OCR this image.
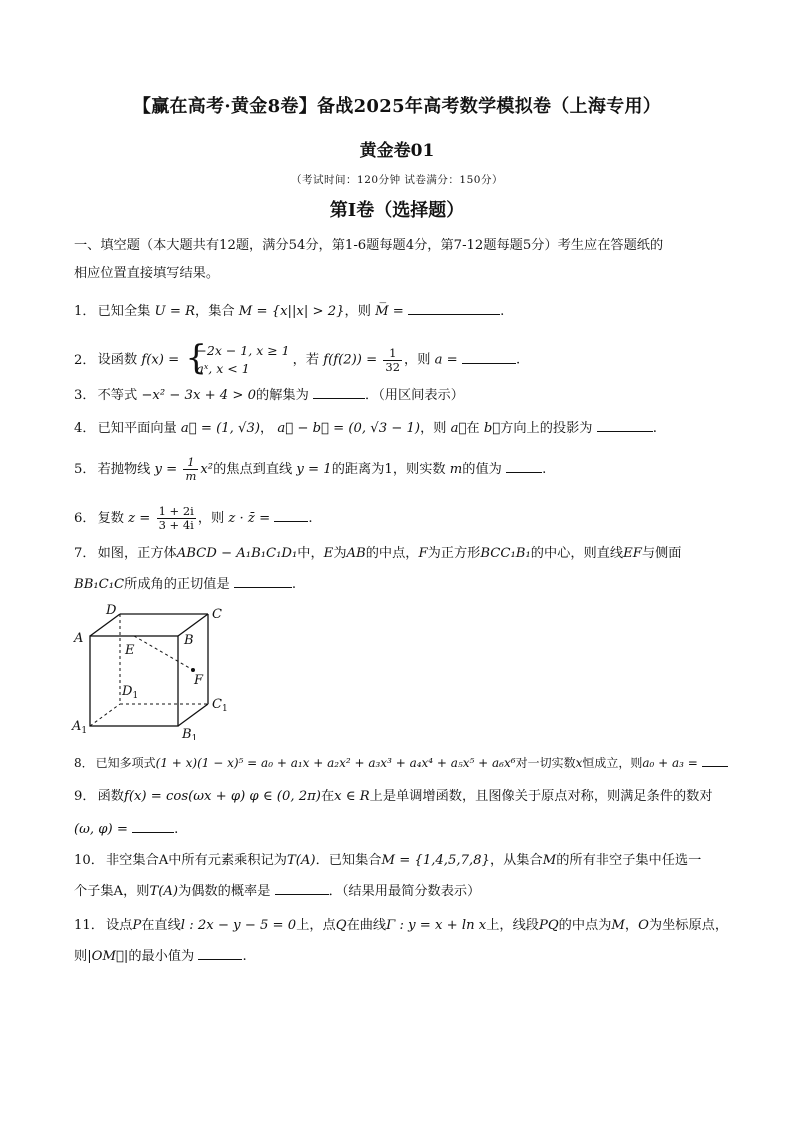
【赢在高考·黄金8卷】备战2025年高考数学模拟卷（上海专用）
黄金卷01
（考试时间：120分钟 试卷满分：150分）
第I卷（选择题）
一、填空题（本大题共有12题，满分54分，第1-6题每题4分，第7-12题每题5分）考生应在答题纸的
相应位置直接填写结果。
1． 已知全集 U = R，集合 M = {x||x| > 2}，则 M̅ =	.
2． 设函数 f(x) =
{ −2x − 1, x ≥ 1
aˣ, x < 1
，若 $f(f(2)) = \frac{1}{32}$ ，则 a =	.
3． 不等式 −x² − 3x + 4 > 0的解集为	．（用区间表示）
4． 已知平面向量 a⃗ = (1, √3)， a⃗ − b⃗ = (0, √3 − 1)，则 a⃗在 b⃗方向上的投影为	.
5． 若抛物线 $y = \frac{1}{m} x^2$的焦点到直线 y = 1的距离为1，则实数 m的值为	.
6． 复数 $z = \frac{1 + 2i}{3 + 4i}$ ，则 z · z̄ =	.
7． 如图，正方体ABCD − A₁B₁C₁D₁中，E为AB的中点，F为正方形BCC₁B₁的中心，则直线EF与侧面
BB₁C₁C所成角的正切值是	.
D	C
A	B
E
F
$D_1$
$C_1$
$A_1$	$B_1$
8． 已知多项式(1 + x)(1 − x)⁵ = a₀ + a₁x + a₂x² + a₃x³ + a₄x⁴ + a₅x⁵ + a₆x⁶对一切实数x恒成立，则a₀ + a₃ =
9． 函数f(x) = cos(ωx + φ) φ ∈ (0, 2π)在x ∈ R上是单调增函数，且图像关于原点对称，则满足条件的数对
(ω, φ) =	.
10． 非空集合A中所有元素乘积记为T(A)．已知集合M = {1,4,5,7,8}，从集合M的所有非空子集中任选一
个子集A，则T(A)为偶数的概率是	．（结果用最简分数表示）
11． 设点P在直线l : 2x − y − 5 = 0上，点Q在曲线Γ : y = x + ln x上，线段PQ的中点为M，O为坐标原点，
则|OM⃗|的最小值为	.
